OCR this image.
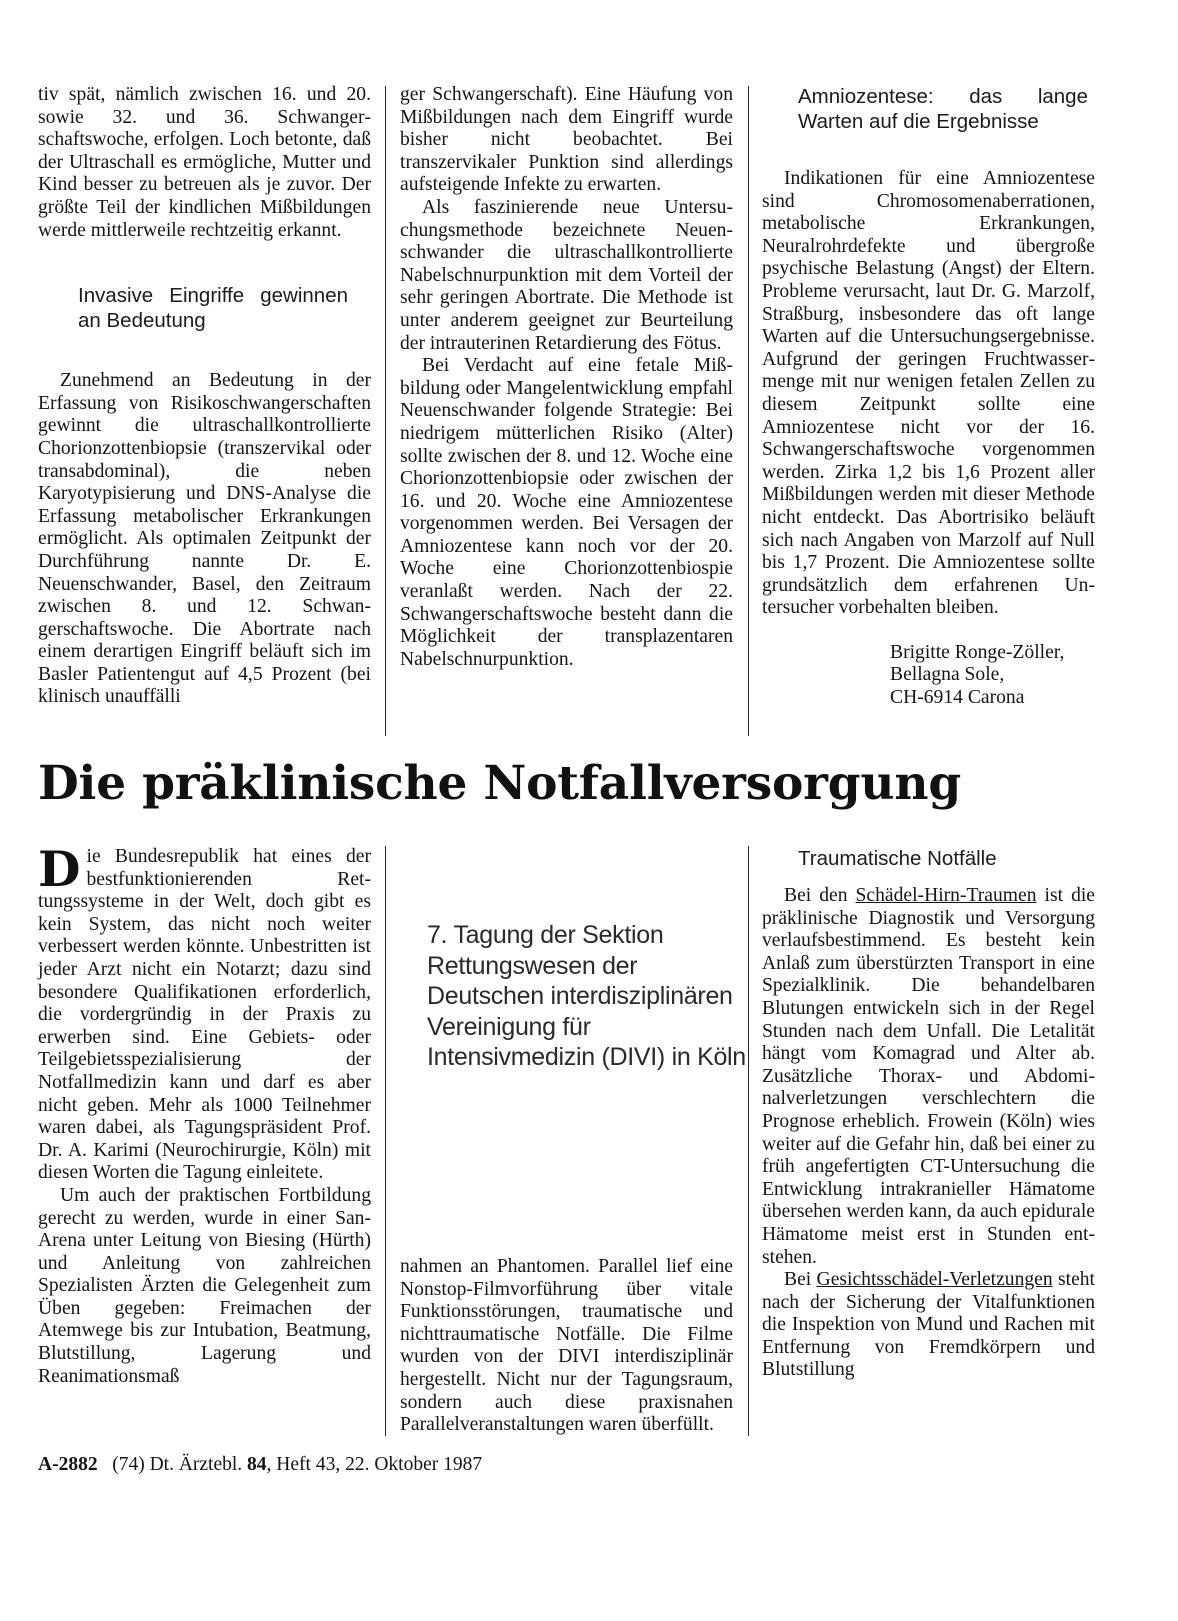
tiv spät, nämlich zwischen 16. und 20. sowie 32. und 36. Schwangerschaftswoche, erfolgen. Loch betonte, daß der Ultraschall es ermögliche, Mutter und Kind besser zu betreuen als je zuvor. Der größte Teil der kindlichen Mißbildungen werde mittlerweile rechtzeitig erkannt.

Invasive Eingriffe gewinnen an Bedeutung

Zunehmend an Bedeutung in der Erfassung von Risikoschwangerschaften gewinnt die ultraschallkontrollierte Chorionzottenbiopsie (transzervikal oder transabdominal), die neben Karyotypisierung und DNS-Analyse die Erfassung metabolischer Erkrankungen ermöglicht. Als optimalen Zeitpunkt der Durchführung nannte Dr. E. Neuenschwander, Basel, den Zeitraum zwischen 8. und 12. Schwangerschaftswoche. Die Abortrate nach einem derartigen Eingriff beläuft sich im Basler Patientengut auf 4,5 Prozent (bei klinisch unauffälli

ger Schwangerschaft). Eine Häufung von Mißbildungen nach dem Eingriff wurde bisher nicht beobachtet. Bei transzervikaler Punktion sind allerdings aufsteigende Infekte zu erwarten.

Als faszinierende neue Untersuchungsmethode bezeichnete Neuenschwander die ultraschallkontrollierte Nabelschnurpunktion mit dem Vorteil der sehr geringen Abortrate. Die Methode ist unter anderem geeignet zur Beurteilung der intrauterinen Retardierung des Fötus.

Bei Verdacht auf eine fetale Mißbildung oder Mangelentwicklung empfahl Neuenschwander folgende Strategie: Bei niedrigem mütterlichen Risiko (Alter) sollte zwischen der 8. und 12. Woche eine Chorionzottenbiopsie oder zwischen der 16. und 20. Woche eine Amniozentese vorgenommen werden. Bei Versagen der Amniozentese kann noch vor der 20. Woche eine Chorionzottenbiospie veranlaßt werden. Nach der 22. Schwangerschaftswoche besteht dann die Möglichkeit der transplazentaren Nabelschnurpunktion.

Amniozentese: das lange Warten auf die Ergebnisse

Indikationen für eine Amniozentese sind Chromosomenaberrationen, metabolische Erkrankungen, Neuralrohrdefekte und übergroße psychische Belastung (Angst) der Eltern. Probleme verursacht, laut Dr. G. Marzolf, Straßburg, insbesondere das oft lange Warten auf die Untersuchungsergebnisse. Aufgrund der geringen Fruchtwassermenge mit nur wenigen fetalen Zellen zu diesem Zeitpunkt sollte eine Amniozentese nicht vor der 16. Schwangerschaftswoche vorgenommen werden. Zirka 1,2 bis 1,6 Prozent aller Mißbildungen werden mit dieser Methode nicht entdeckt. Das Abortrisiko beläuft sich nach Angaben von Marzolf auf Null bis 1,7 Prozent. Die Amniozentese sollte grundsätzlich dem erfahrenen Untersucher vorbehalten bleiben.

Brigitte Ronge-Zöller,
Bellagna Sole,
CH-6914 Carona

Die präklinische Notfallversorgung

Die Bundesrepublik hat eines der bestfunktionierenden Rettungssysteme in der Welt, doch gibt es kein System, das nicht noch weiter verbessert werden könnte. Unbestritten ist jeder Arzt nicht ein Notarzt; dazu sind besondere Qualifikationen erforderlich, die vordergründig in der Praxis zu erwerben sind. Eine Gebiets- oder Teilgebietsspezialisierung der Notfallmedizin kann und darf es aber nicht geben. Mehr als 1000 Teilnehmer waren dabei, als Tagungspräsident Prof. Dr. A. Karimi (Neurochirurgie, Köln) mit diesen Worten die Tagung einleitete.

Um auch der praktischen Fortbildung gerecht zu werden, wurde in einer San-Arena unter Leitung von Biesing (Hürth) und Anleitung von zahlreichen Spezialisten Ärzten die Gelegenheit zum Üben gegeben: Freimachen der Atemwege bis zur Intubation, Beatmung, Blutstillung, Lagerung und Reanimationsmaß

7. Tagung der Sektion Rettungswesen der Deutschen interdisziplinären Vereinigung für Intensivmedizin (DIVI) in Köln

nahmen an Phantomen. Parallel lief eine Nonstop-Filmvorführung über vitale Funktionsstörungen, traumatische und nichttraumatische Notfälle. Die Filme wurden von der DIVI interdisziplinär hergestellt. Nicht nur der Tagungsraum, sondern auch diese praxisnahen Parallelveranstaltungen waren überfüllt.

Traumatische Notfälle

Bei den Schädel-Hirn-Traumen ist die präklinische Diagnostik und Versorgung verlaufsbestimmend. Es besteht kein Anlaß zum überstürzten Transport in eine Spezialklinik. Die behandelbaren Blutungen entwickeln sich in der Regel Stunden nach dem Unfall. Die Letalität hängt vom Komagrad und Alter ab. Zusätzliche Thorax- und Abdominalverletzungen verschlechtern die Prognose erheblich. Frowein (Köln) wies weiter auf die Gefahr hin, daß bei einer zu früh angefertigten CT-Untersuchung die Entwicklung intrakranieller Hämatome übersehen werden kann, da auch epidurale Hämatome meist erst in Stunden entstehen.

Bei Gesichtsschädel-Verletzungen steht nach der Sicherung der Vitalfunktionen die Inspektion von Mund und Rachen mit Entfernung von Fremdkörpern und Blutstillung

A-2882 (74) Dt. Ärztebl. 84, Heft 43, 22. Oktober 1987
